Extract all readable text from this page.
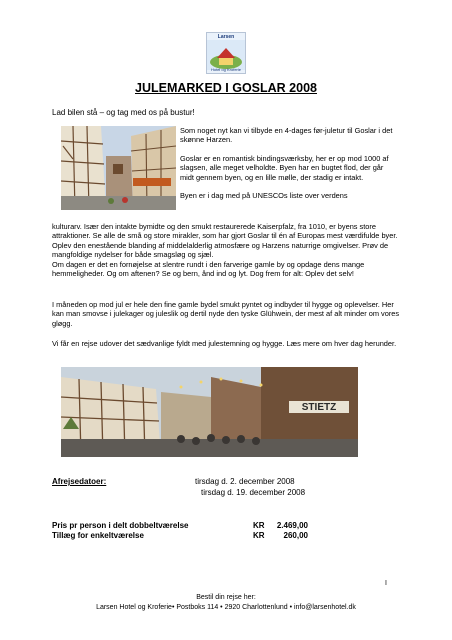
Larsen
Hotel og Kroferie
JULEMARKED I GOSLAR 2008
Lad bilen stå – og tag med os på bustur!

Som noget nyt kan vi tilbyde en 4-dages før-juletur til Goslar i det skønne Harzen.

Goslar er en romantisk bindingsværksby, her er op mod 1000 af slagsen, alle meget velholdte. Byen har en bugtet flod, der går midt gennem byen, og en lille mølle, der stadig er intakt.

Byen er i dag med på UNESCOs liste over verdens

kulturarv. Især den intakte bymidte og den smukt restaurerede Kaiserpfalz, fra 1010, er byens store attraktioner. Se alle de små og store mirakler, som har gjort Goslar til én af Europas mest værdifulde byer. Oplev den enestående blanding af middelalderlig atmosfære og Harzens naturrige omgivelser. Prøv de mangfoldige nydelser for både smagsløg og sjæl.

Om dagen er det en fornøjelse at slentre rundt i den farverige gamle by og opdage dens mange hemmeligheder. Og om aftenen? Se og bern, ånd ind og lyt. Dog frem for alt: Oplev det selv!

I måneden op mod jul er hele den fine gamle bydel smukt pyntet og indbyder til hygge og oplevelser. Her kan man smovse i julekager og juleslik og dertil nyde den tyske Glühwein, der mest af alt minder om vores gløgg.

Vi får en rejse udover det sædvanlige fyldt med julestemning og hygge. Læs mere om hver dag herunder.

STIETZ
Afrejsedatoer:	tirsdag d. 2. december 2008
tirsdag d. 19. december 2008
Pris pr person i delt dobbeltværelse	KR	2.469,00
Tillæg for enkeltværelse	KR	260,00
I
Bestil din rejse her:
Larsen Hotel og Kroferie• Postboks 114 • 2920 Charlottenlund • info@larsenhotel.dk
